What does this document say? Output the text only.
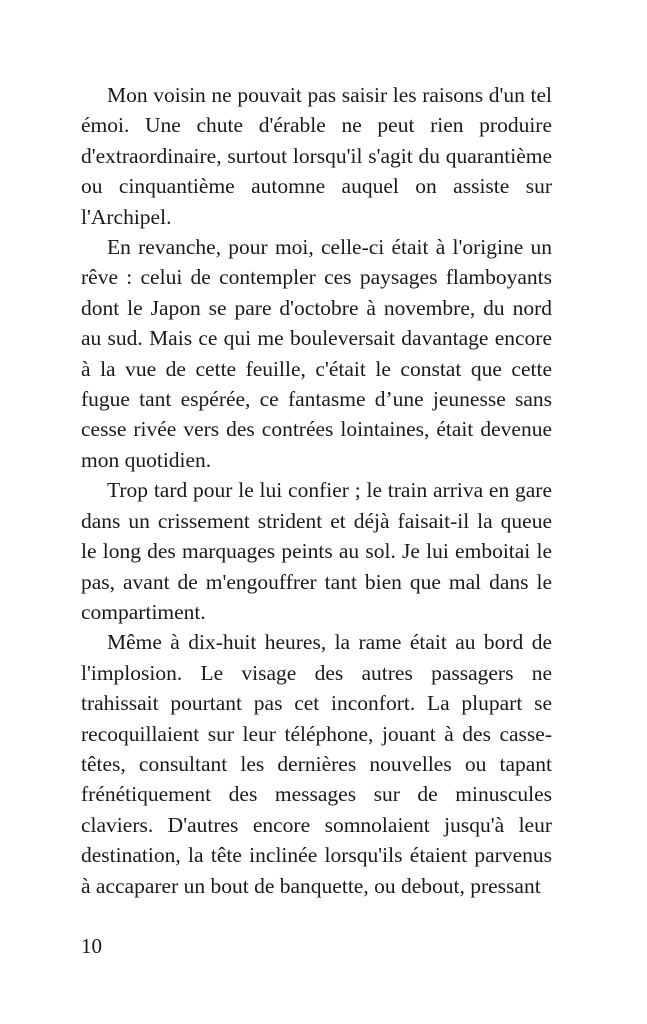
Mon voisin ne pouvait pas saisir les raisons d'un tel émoi. Une chute d'érable ne peut rien produire d'extraordinaire, surtout lorsqu'il s'agit du quarantième ou cinquantième automne auquel on assiste sur l'Archipel.

En revanche, pour moi, celle-ci était à l'origine un rêve : celui de contempler ces paysages flamboyants dont le Japon se pare d'octobre à novembre, du nord au sud. Mais ce qui me bouleversait davantage encore à la vue de cette feuille, c'était le constat que cette fugue tant espérée, ce fantasme d’une jeunesse sans cesse rivée vers des contrées lointaines, était devenue mon quotidien.

Trop tard pour le lui confier ; le train arriva en gare dans un crissement strident et déjà faisait-il la queue le long des marquages peints au sol. Je lui emboitai le pas, avant de m'engouffrer tant bien que mal dans le compartiment.

Même à dix-huit heures, la rame était au bord de l'implosion. Le visage des autres passagers ne trahissait pourtant pas cet inconfort. La plupart se recoquillaient sur leur téléphone, jouant à des casse-têtes, consultant les dernières nouvelles ou tapant frénétiquement des messages sur de minuscules claviers. D'autres encore somnolaient jusqu'à leur destination, la tête inclinée lorsqu'ils étaient parvenus à accaparer un bout de banquette, ou debout, pressant

10
